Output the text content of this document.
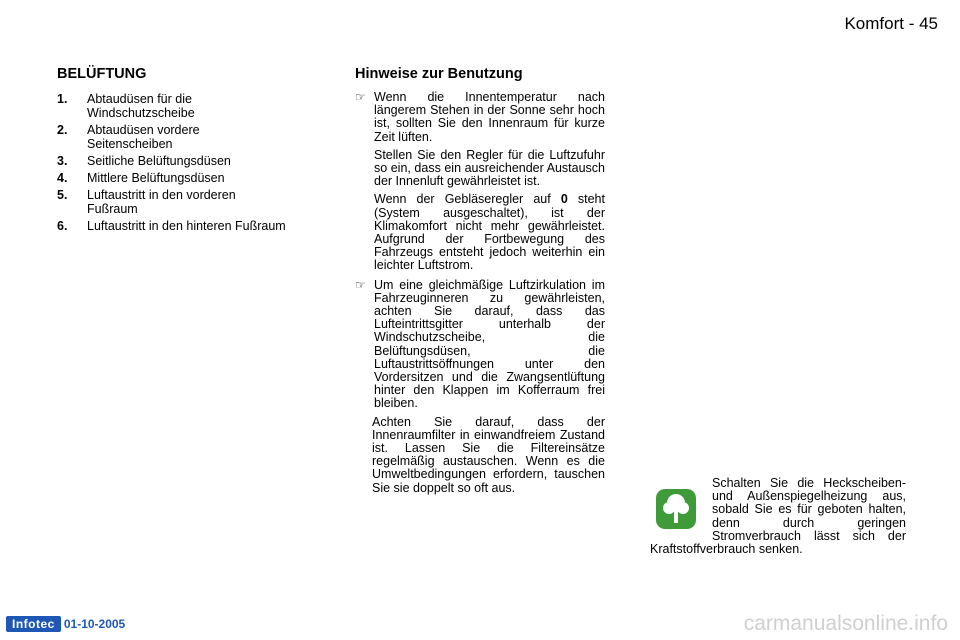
Komfort - 45
BELÜFTUNG
1. Abtaudüsen für die Windschutzscheibe
2. Abtaudüsen vordere Seitenscheiben
3. Seitliche Belüftungsdüsen
4. Mittlere Belüftungsdüsen
5. Luftaustritt in den vorderen Fußraum
6. Luftaustritt in den hinteren Fußraum
Hinweise zur Benutzung
☞ Wenn die Innentemperatur nach längerem Stehen in der Sonne sehr hoch ist, sollten Sie den Innenraum für kurze Zeit lüften.

Stellen Sie den Regler für die Luftzufuhr so ein, dass ein ausreichender Austausch der Innenluft gewährleistet ist.

Wenn der Gebläseregler auf 0 steht (System ausgeschaltet), ist der Klimakomfort nicht mehr gewährleistet. Aufgrund der Fortbewegung des Fahrzeugs entsteht jedoch weiterhin ein leichter Luftstrom.

☞ Um eine gleichmäßige Luftzirkulation im Fahrzeuginneren zu gewährleisten, achten Sie darauf, dass das Lufteintrittsgitter unterhalb der Windschutzscheibe, die Belüftungsdüsen, die Luftaustrittsöffnungen unter den Vordersitzen und die Zwangsentlüftung hinter den Klappen im Kofferraum frei bleiben.

Achten Sie darauf, dass der Innenraumfilter in einwandfreiem Zustand ist. Lassen Sie die Filtereinsätze regelmäßig austauschen. Wenn es die Umweltbedingungen erfordern, tauschen Sie sie doppelt so oft aus.	Schalten Sie die Heckscheiben- und Außenspiegelheizung aus, sobald Sie es für geboten halten, denn durch geringen Stromverbrauch lässt sich der Kraftstoffverbrauch senken.
Infotec 01-10-2005	carmanualsonline.info
